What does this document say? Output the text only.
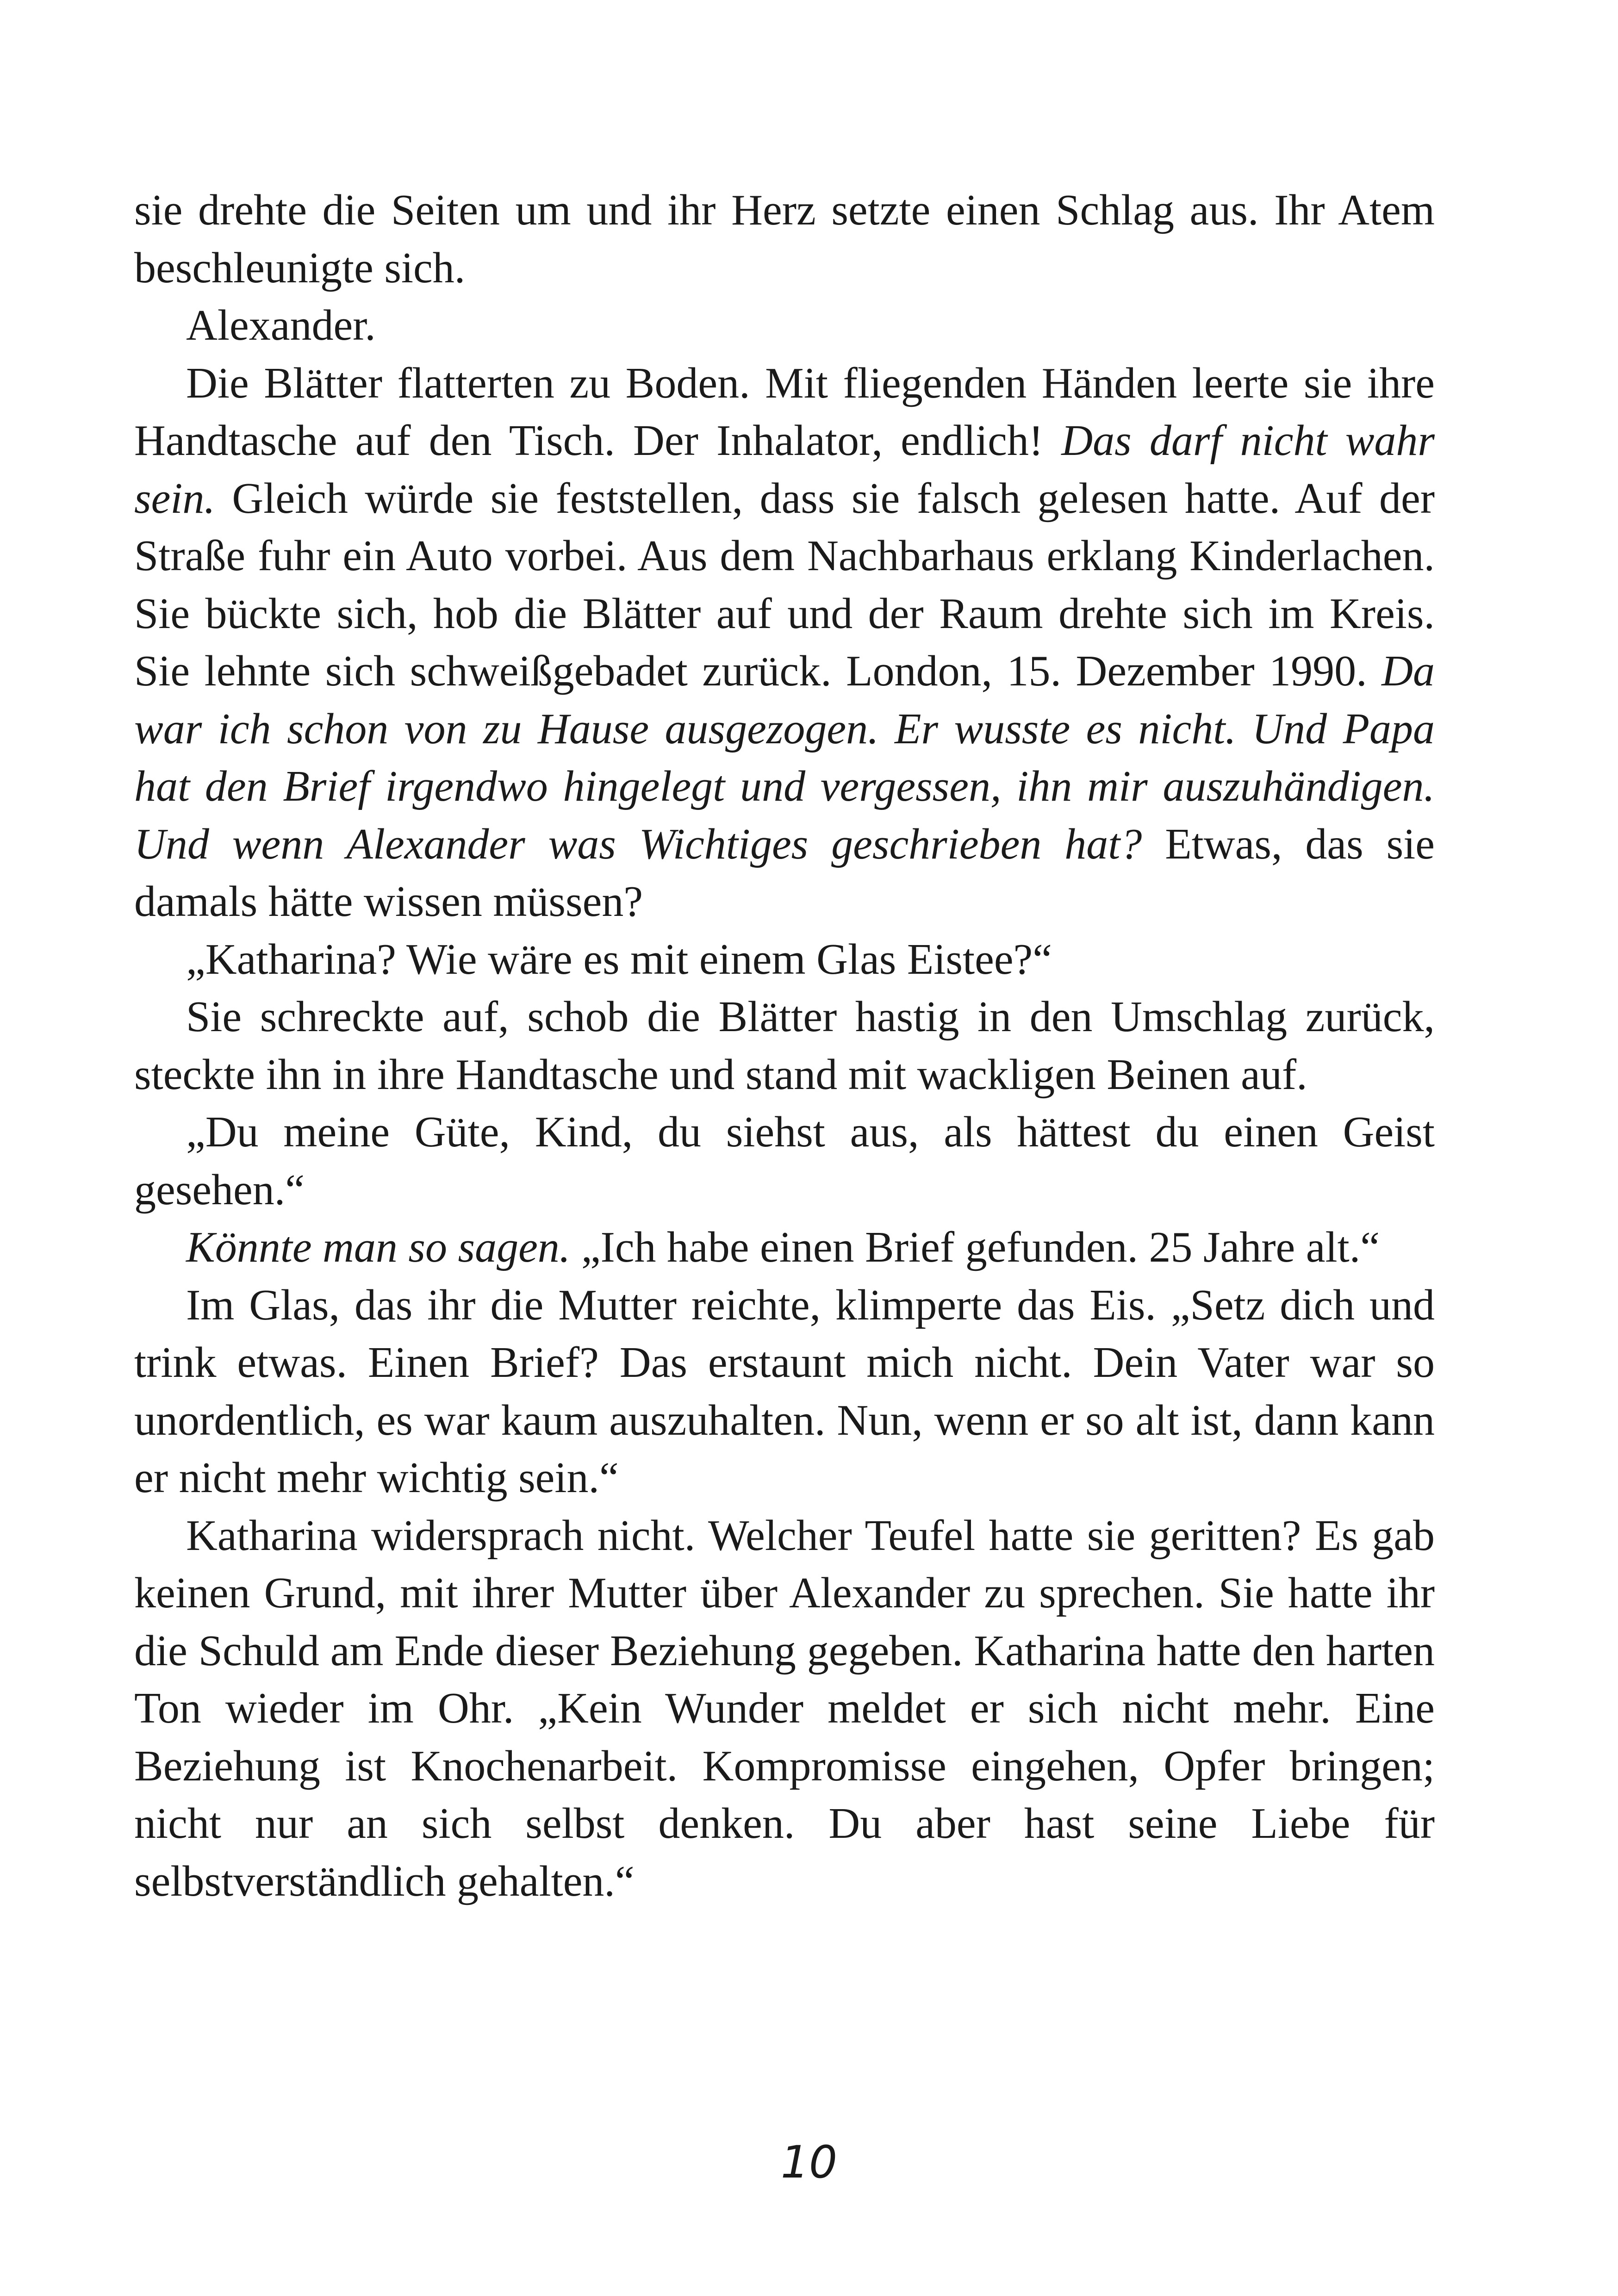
sie drehte die Seiten um und ihr Herz setzte einen Schlag aus. Ihr Atem beschleunigte sich.

Alexander.

Die Blätter flatterten zu Boden. Mit fliegenden Händen leerte sie ihre Handtasche auf den Tisch. Der Inhalator, endlich! Das darf nicht wahr sein. Gleich würde sie feststellen, dass sie falsch gelesen hatte. Auf der Straße fuhr ein Auto vorbei. Aus dem Nachbarhaus erklang Kinderlachen. Sie bückte sich, hob die Blätter auf und der Raum drehte sich im Kreis. Sie lehnte sich schweißgebadet zurück. London, 15. Dezember 1990. Da war ich schon von zu Hause ausgezogen. Er wusste es nicht. Und Papa hat den Brief irgendwo hingelegt und vergessen, ihn mir auszuhändigen. Und wenn Alexander was Wichtiges geschrieben hat? Etwas, das sie damals hätte wissen müssen?

„Katharina? Wie wäre es mit einem Glas Eistee?“

Sie schreckte auf, schob die Blätter hastig in den Umschlag zurück, steckte ihn in ihre Handtasche und stand mit wackligen Beinen auf.

„Du meine Güte, Kind, du siehst aus, als hättest du einen Geist gesehen.“

Könnte man so sagen. „Ich habe einen Brief gefunden. 25 Jahre alt.“

Im Glas, das ihr die Mutter reichte, klimperte das Eis. „Setz dich und trink etwas. Einen Brief? Das erstaunt mich nicht. Dein Vater war so unordentlich, es war kaum auszuhalten. Nun, wenn er so alt ist, dann kann er nicht mehr wichtig sein.“

Katharina widersprach nicht. Welcher Teufel hatte sie geritten? Es gab keinen Grund, mit ihrer Mutter über Alexander zu sprechen. Sie hatte ihr die Schuld am Ende dieser Beziehung gegeben. Katharina hatte den harten Ton wieder im Ohr. „Kein Wunder meldet er sich nicht mehr. Eine Beziehung ist Knochenarbeit. Kompromisse eingehen, Opfer bringen; nicht nur an sich selbst denken. Du aber hast seine Liebe für selbstverständlich gehalten.“

10
